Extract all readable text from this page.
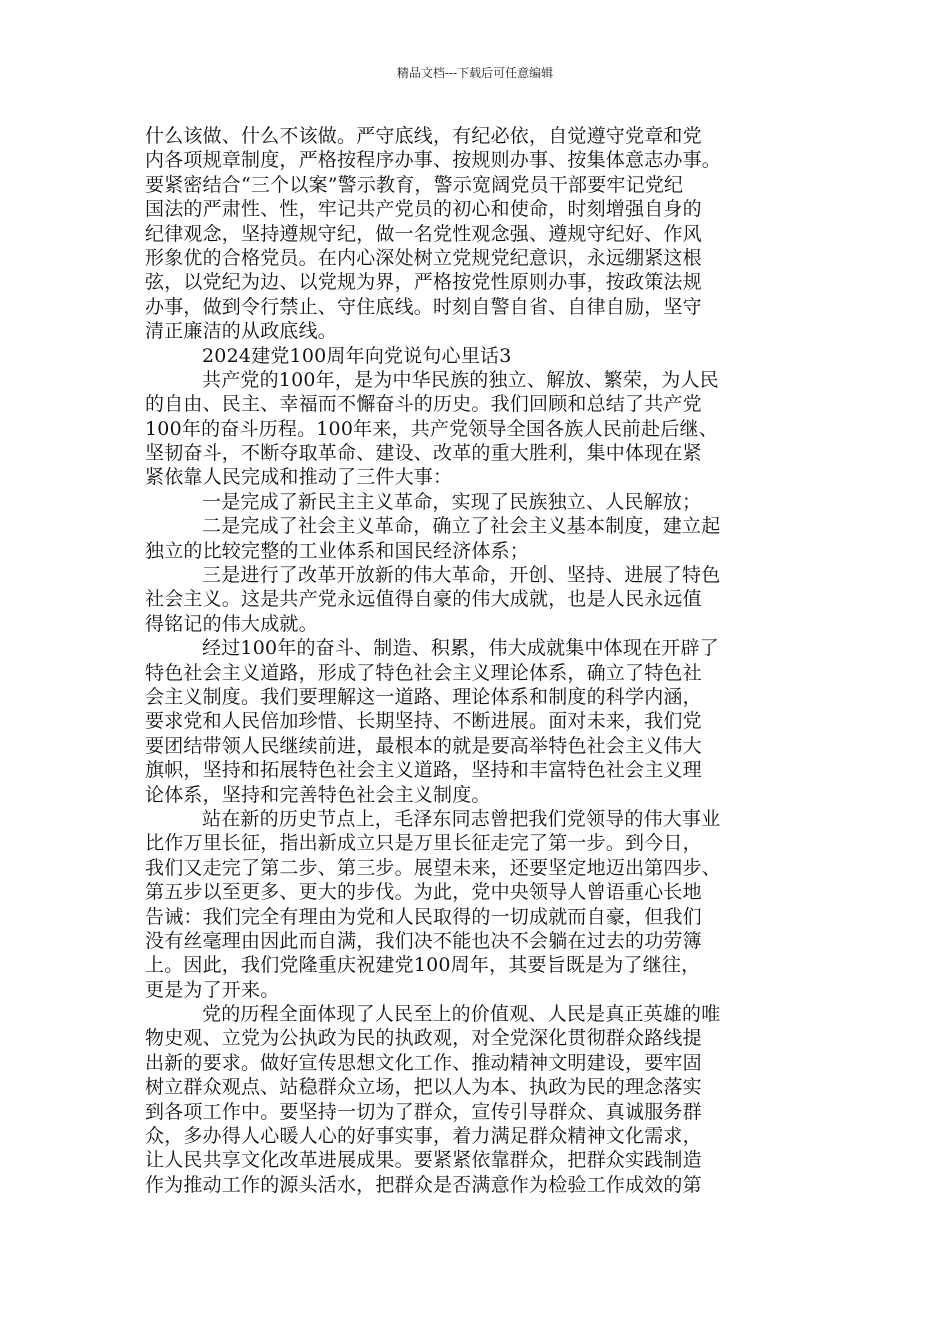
精品文档---下载后可任意编辑
什么该做、什么不该做。严守底线，有纪必依，自觉遵守党章和党
内各项规章制度，严格按程序办事、按规则办事、按集体意志办事。
要紧密结合“三个以案”警示教育，警示宽阔党员干部要牢记党纪
国法的严肃性、性，牢记共产党员的初心和使命，时刻增强自身的
纪律观念，坚持遵规守纪，做一名党性观念强、遵规守纪好、作风
形象优的合格党员。在内心深处树立党规党纪意识，永远绷紧这根
弦，以党纪为边、以党规为界，严格按党性原则办事，按政策法规
办事，做到令行禁止、守住底线。时刻自警自省、自律自励，坚守
清正廉洁的从政底线。
2024建党100周年向党说句心里话3
共产党的100年，是为中华民族的独立、解放、繁荣，为人民
的自由、民主、幸福而不懈奋斗的历史。我们回顾和总结了共产党
100年的奋斗历程。100年来，共产党领导全国各族人民前赴后继、
坚韧奋斗，不断夺取革命、建设、改革的重大胜利，集中体现在紧
紧依靠人民完成和推动了三件大事：
一是完成了新民主主义革命，实现了民族独立、人民解放；
二是完成了社会主义革命，确立了社会主义基本制度，建立起
独立的比较完整的工业体系和国民经济体系；
三是进行了改革开放新的伟大革命，开创、坚持、进展了特色
社会主义。这是共产党永远值得自豪的伟大成就，也是人民永远值
得铭记的伟大成就。
经过100年的奋斗、制造、积累，伟大成就集中体现在开辟了
特色社会主义道路，形成了特色社会主义理论体系，确立了特色社
会主义制度。我们要理解这一道路、理论体系和制度的科学内涵，
要求党和人民倍加珍惜、长期坚持、不断进展。面对未来，我们党
要团结带领人民继续前进，最根本的就是要高举特色社会主义伟大
旗帜，坚持和拓展特色社会主义道路，坚持和丰富特色社会主义理
论体系，坚持和完善特色社会主义制度。
站在新的历史节点上，毛泽东同志曾把我们党领导的伟大事业
比作万里长征，指出新成立只是万里长征走完了第一步。到今日，
我们又走完了第二步、第三步。展望未来，还要坚定地迈出第四步、
第五步以至更多、更大的步伐。为此，党中央领导人曾语重心长地
告诫：我们完全有理由为党和人民取得的一切成就而自豪，但我们
没有丝毫理由因此而自满，我们决不能也决不会躺在过去的功劳簿
上。因此，我们党隆重庆祝建党100周年，其要旨既是为了继往，
更是为了开来。
党的历程全面体现了人民至上的价值观、人民是真正英雄的唯
物史观、立党为公执政为民的执政观，对全党深化贯彻群众路线提
出新的要求。做好宣传思想文化工作、推动精神文明建设，要牢固
树立群众观点、站稳群众立场，把以人为本、执政为民的理念落实
到各项工作中。要坚持一切为了群众，宣传引导群众、真诚服务群
众，多办得人心暖人心的好事实事，着力满足群众精神文化需求，
让人民共享文化改革进展成果。要紧紧依靠群众，把群众实践制造
作为推动工作的源头活水，把群众是否满意作为检验工作成效的第
